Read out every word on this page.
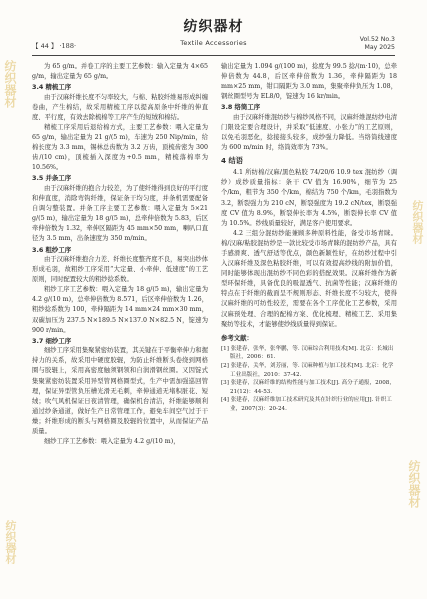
纺织器材
纺织器材
纺织器材
纺织器材
【 44 】 ·188·
纺织器材
Textile Accessories	Vol.52 No.3
May 2025

为 65 g/m。并卷工序的主要工艺参数：输入定量为 4×65 g/m，输出定量为 65 g/m。

3.4 精梳工序

由于汉麻纤维长度不匀率较大，与棉、粘胶纤维易形成纠缠卷曲，产生棉结，故采用精梳工序以提高原条中纤维的伸直度、平行度，有效去除梳棉等工序产生的短绒和棉结。

精梳工序采用后退给棉方式，主要工艺参数：喂入定量为 65 g/m，输出定量为 21 g/(5 m)，车速为 250 Nip/min，给棉长度为 3.3 mm，锡林总齿数为 3.2 万齿，顶梳齿密为 300 齿/(10 cm)，顶梳插入深度为+0.5 mm，精梳落棉率为 10.56%。

3.5 并条工序

由于汉麻纤维的抱合力较差，为了使纤维得到良好的平行度和伸直度，消除弯钩纤维，保证条干均匀度，并条机需要配备自调匀整装置。并条工序主要工艺参数：喂入定量为 5×21 g/(5 m)，输出定量为 18 g/(5 m)，总牵伸倍数为 5.83，后区牵伸倍数为 1.32，牵伸区隔距为 45 mm×50 mm，喇叭口直径为 3.5 mm，出条速度为 350 m/min。

3.6 粗纱工序

由于汉麻纤维抱合力差、纤维长度整齐度不良，易突出纱体形成毛羽，故粗纱工序采用“大定量、小牵伸、低速度”的工艺原则，同时配置较大的粗纱捻系数。

粗纱工序工艺参数：喂入定量为 18 g/(5 m)，输出定量为 4.2 g/(10 m)，总牵伸倍数为 8.571，后区牵伸倍数为 1.26，粗纱捻系数为 100，牵伸隔距为 14 mm×24 mm×30 mm，双碳加压为 237.5 N×189.5 N×137.0 N×82.5 N，锭速为 900 r/min。

3.7 细纱工序

细纱工序采用集聚紧密纺装置，其关键在于平衡牵伸力和握持力的关系，故采用中硬度胶辊，为防止纤维断头卷绕到网格圈与胶辊上，采用高密度触须钢领和自润滑钢丝圈。又因锭式集聚紧密纺装置采用异型管网格圈型式，生产中需加强巡回管理，保证异型管负压槽光滑无毛刺，牵伸通道无堵积脏花、短绒；吹气风机保证日夜清管理，确保机台清洁，纤维能够顺利通过纱条通道，做好生产日常管理工作，避免车间空气过于干燥；纤维形成的断头与网格圈及胶辊的位置中，从而保证产品质量。

细纱工序工艺参数：喂入定量为 4.2 g/(10 m)，

输出定量为 1.094 g/(100 m)，捻度为 99.5 捻/(m·10)，总牵伸倍数为 44.8，后区牵伸倍数为 1.36，牵伸隔距为 18 mm×25 mm，钳口隔距为 3.0 mm，集聚牵伸负压为 1.08，钢丝圈型号为 EL8/0，锭速为 16 kr/min。

3.8 络筒工序

由于汉麻纤维混纺纱与棉纱风格不同，汉麻纤维混纺纱电清门限设定要合理设计，并采取“低速度、小张力”的工艺原则，以免毛羽恶化，捻接接头较多，成纱强力降低。当络筒线速度为 600 m/min 时，络筒效率为 73%。

4 结语

4.1 所纺棉/汉麻/黑色粘胶 74/20/6 10.9 tex 混纺纱（调纱）成纱质量指标：条干 CV 值为 16.90%，细节为 25 个/km，粗节为 350 个/km，棉结为 750 个/km，毛羽指数为 3.2，断裂强力为 210 cN，断裂强度为 19.2 cN/tex，断裂强度 CV 值为 8.9%，断裂伸长率为 4.5%，断裂伸长率 CV 值为 10.5%。纱线质量较好，满足客户使用要求。

4.2 三组分混纺纱能兼顾多种原料性能，备受市场青睐。棉/汉麻/粘胶混纺纱是一款比较受市场青睐的混纺纱产品，具有手感滑爽、透气舒适等优点，颜色新颖性好，在纺纱过程中引入汉麻纤维及深色粘胶纤维，可以有效提高纱线的附加价值，同时能够体现出混纺纱不同色彩的搭配效果。汉麻纤维作为新型环保纤维，具备优良的吸湿透气、抗菌等性能；汉麻纤维的特点在于纤维的截面呈不规则形态、纤维长度不匀较大，使得汉麻纤维的可纺性较差，需要在各个工序优化工艺参数，采用汉麻预处理、合理的配棉方案、优化梳理、精梳工艺、采用集聚纺等技术，才能够使纱线质量得到保证。

参考文献：

[1] 张建春，张华，张华鹏，等. 汉麻综合利用技术[M]. 北京：长城出版社，2006：61.

[2] 张建春，关华，刘芳丽，等. 汉麻种植与加工技术[M]. 北京：化学工业出版社，2010：37-42.

[3] 张建春，汉麻纤维的结构性能与加工技术[J]. 高分子通报，2008，21(12)：44-53.

[4] 张建春，汉麻纤维加工技术研究及其在针织行业的应用[J]. 针织工业，2007(3)：20-24.
